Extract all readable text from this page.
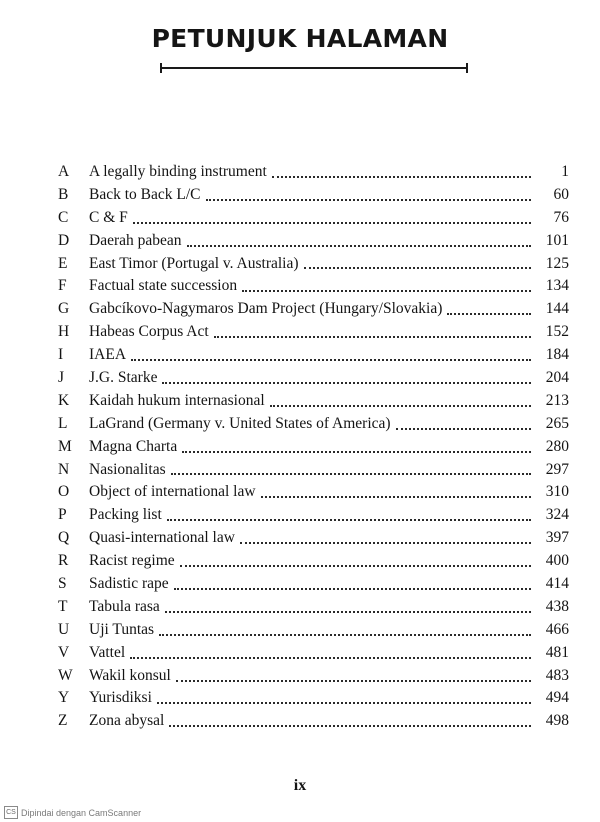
PETUNJUK HALAMAN
A	A legally binding instrument	1
B	Back to Back L/C	60
C	C & F	76
D	Daerah pabean	101
E	East Timor (Portugal v. Australia)	125
F	Factual state succession	134
G	Gabcíkovo-Nagymaros Dam Project (Hungary/Slovakia)	144
H	Habeas Corpus Act	152
I	IAEA	184
J	J.G. Starke	204
K	Kaidah hukum internasional	213
L	LaGrand (Germany v. United States of America)	265
M	Magna Charta	280
N	Nasionalitas	297
O	Object of international law	310
P	Packing list	324
Q	Quasi-international law	397
R	Racist regime	400
S	Sadistic rape	414
T	Tabula rasa	438
U	Uji Tuntas	466
V	Vattel	481
W	Wakil konsul	483
Y	Yurisdiksi	494
Z	Zona abysal	498
ix
CS Dipindai dengan CamScanner
